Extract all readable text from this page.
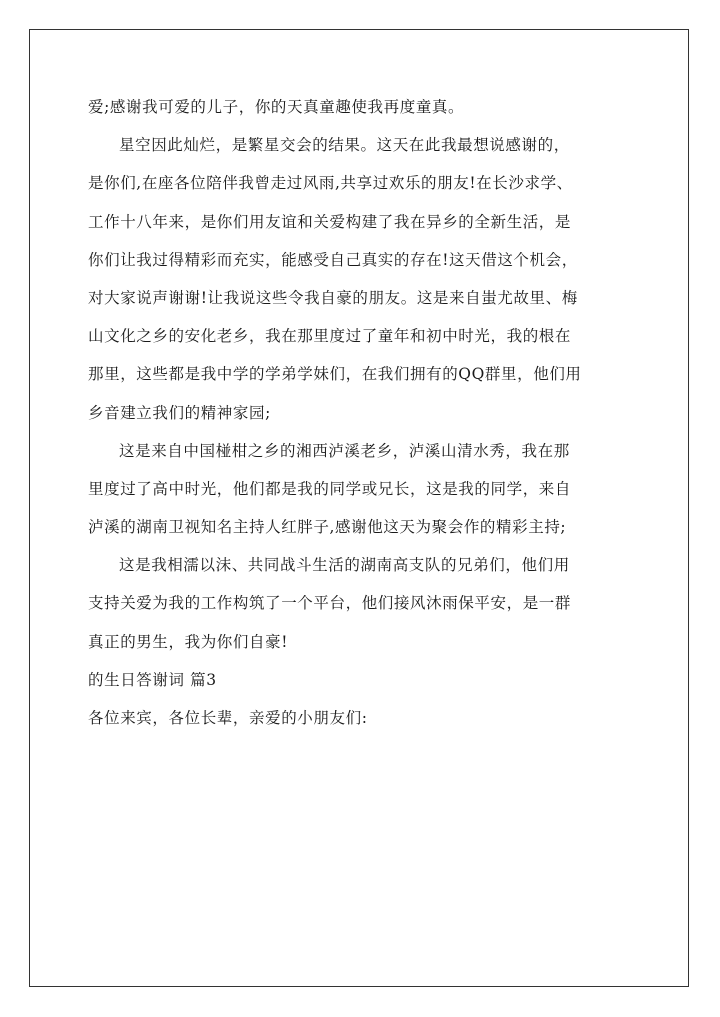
爱;感谢我可爱的儿子，你的天真童趣使我再度童真。
星空因此灿烂，是繁星交会的结果。这天在此我最想说感谢的，
是你们,在座各位陪伴我曾走过风雨,共享过欢乐的朋友!在长沙求学、
工作十八年来，是你们用友谊和关爱构建了我在异乡的全新生活，是
你们让我过得精彩而充实，能感受自己真实的存在!这天借这个机会，
对大家说声谢谢!让我说这些令我自豪的朋友。这是来自蚩尤故里、梅
山文化之乡的安化老乡，我在那里度过了童年和初中时光，我的根在
那里，这些都是我中学的学弟学妹们，在我们拥有的QQ群里，他们用
乡音建立我们的精神家园;
这是来自中国椪柑之乡的湘西泸溪老乡，泸溪山清水秀，我在那
里度过了高中时光，他们都是我的同学或兄长，这是我的同学，来自
泸溪的湖南卫视知名主持人红胖子,感谢他这天为聚会作的精彩主持;
这是我相濡以沫、共同战斗生活的湖南高支队的兄弟们，他们用
支持关爱为我的工作构筑了一个平台，他们接风沐雨保平安，是一群
真正的男生，我为你们自豪!
的生日答谢词 篇3
各位来宾，各位长辈，亲爱的小朋友们:
